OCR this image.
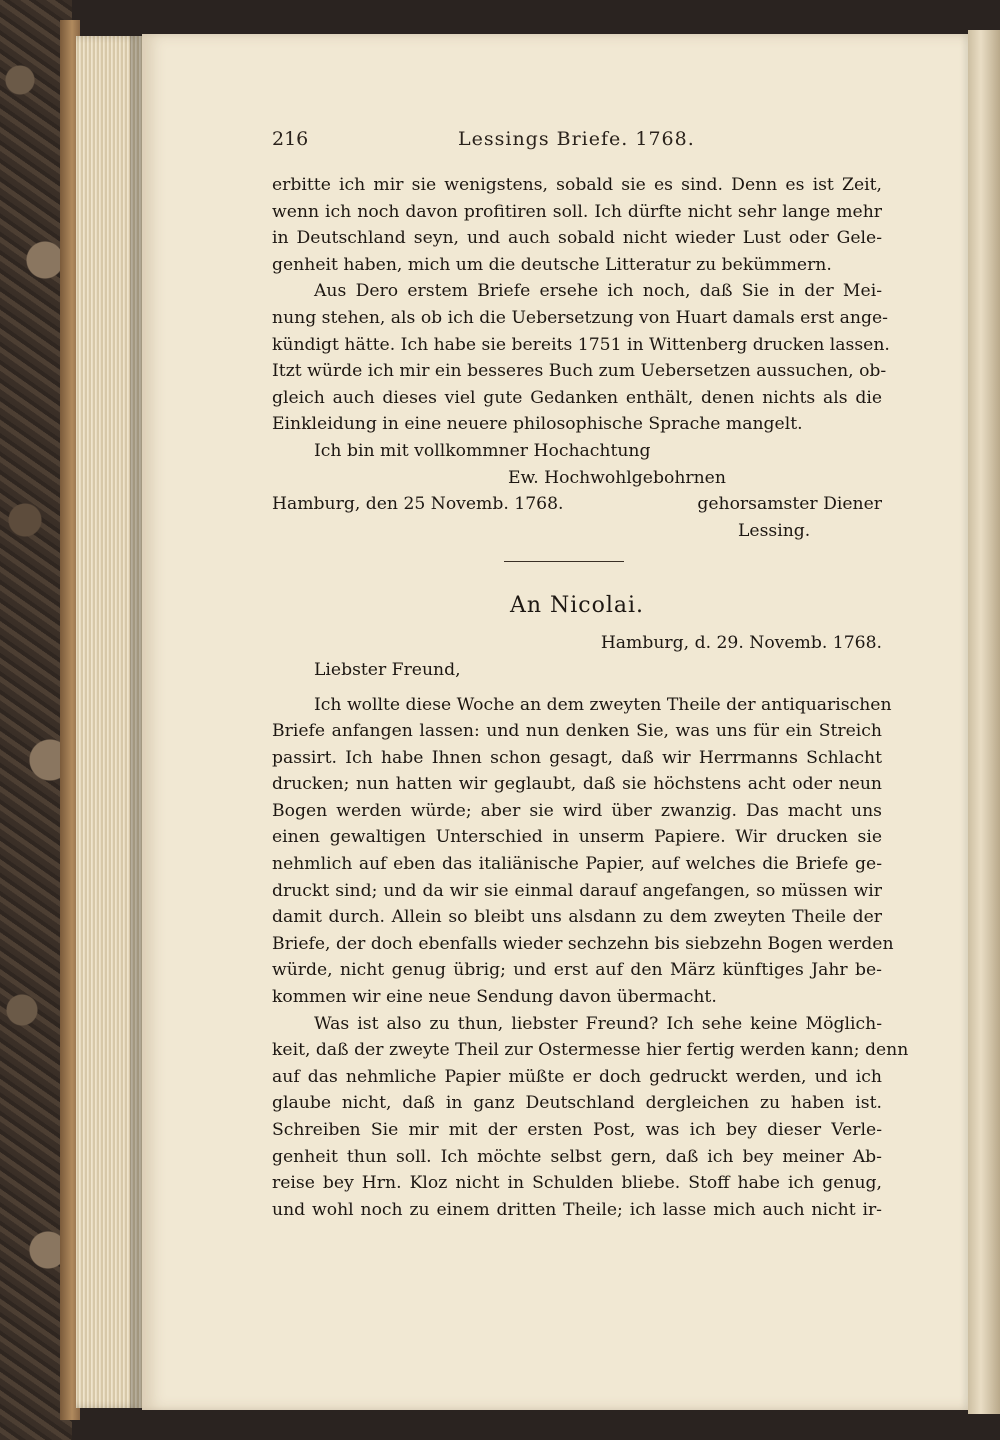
216	Lessings Briefe. 1768.
erbitte ich mir sie wenigstens, sobald sie es sind. Denn es ist Zeit,
wenn ich noch davon profitiren soll. Ich dürfte nicht sehr lange mehr
in Deutschland seyn, und auch sobald nicht wieder Lust oder Gele-
genheit haben, mich um die deutsche Litteratur zu bekümmern.
Aus Dero erstem Briefe ersehe ich noch, daß Sie in der Mei-
nung stehen, als ob ich die Uebersetzung von Huart damals erst ange-
kündigt hätte. Ich habe sie bereits 1751 in Wittenberg drucken lassen.
Itzt würde ich mir ein besseres Buch zum Uebersetzen aussuchen, ob-
gleich auch dieses viel gute Gedanken enthält, denen nichts als die
Einkleidung in eine neuere philosophische Sprache mangelt.
Ich bin mit vollkommner Hochachtung
Ew. Hochwohlgebohrnen
Hamburg, den 25 Novemb. 1768.	gehorsamster Diener
Lessing.
An Nicolai.
Hamburg, d. 29. Novemb. 1768.
Liebster Freund,
Ich wollte diese Woche an dem zweyten Theile der antiquarischen
Briefe anfangen lassen: und nun denken Sie, was uns für ein Streich
passirt. Ich habe Ihnen schon gesagt, daß wir Herrmanns Schlacht
drucken; nun hatten wir geglaubt, daß sie höchstens acht oder neun
Bogen werden würde; aber sie wird über zwanzig. Das macht uns
einen gewaltigen Unterschied in unserm Papiere. Wir drucken sie
nehmlich auf eben das italiänische Papier, auf welches die Briefe ge-
druckt sind; und da wir sie einmal darauf angefangen, so müssen wir
damit durch. Allein so bleibt uns alsdann zu dem zweyten Theile der
Briefe, der doch ebenfalls wieder sechzehn bis siebzehn Bogen werden
würde, nicht genug übrig; und erst auf den März künftiges Jahr be-
kommen wir eine neue Sendung davon übermacht.
Was ist also zu thun, liebster Freund? Ich sehe keine Möglich-
keit, daß der zweyte Theil zur Ostermesse hier fertig werden kann; denn
auf das nehmliche Papier müßte er doch gedruckt werden, und ich
glaube nicht, daß in ganz Deutschland dergleichen zu haben ist.
Schreiben Sie mir mit der ersten Post, was ich bey dieser Verle-
genheit thun soll. Ich möchte selbst gern, daß ich bey meiner Ab-
reise bey Hrn. Kloz nicht in Schulden bliebe. Stoff habe ich genug,
und wohl noch zu einem dritten Theile; ich lasse mich auch nicht ir-
